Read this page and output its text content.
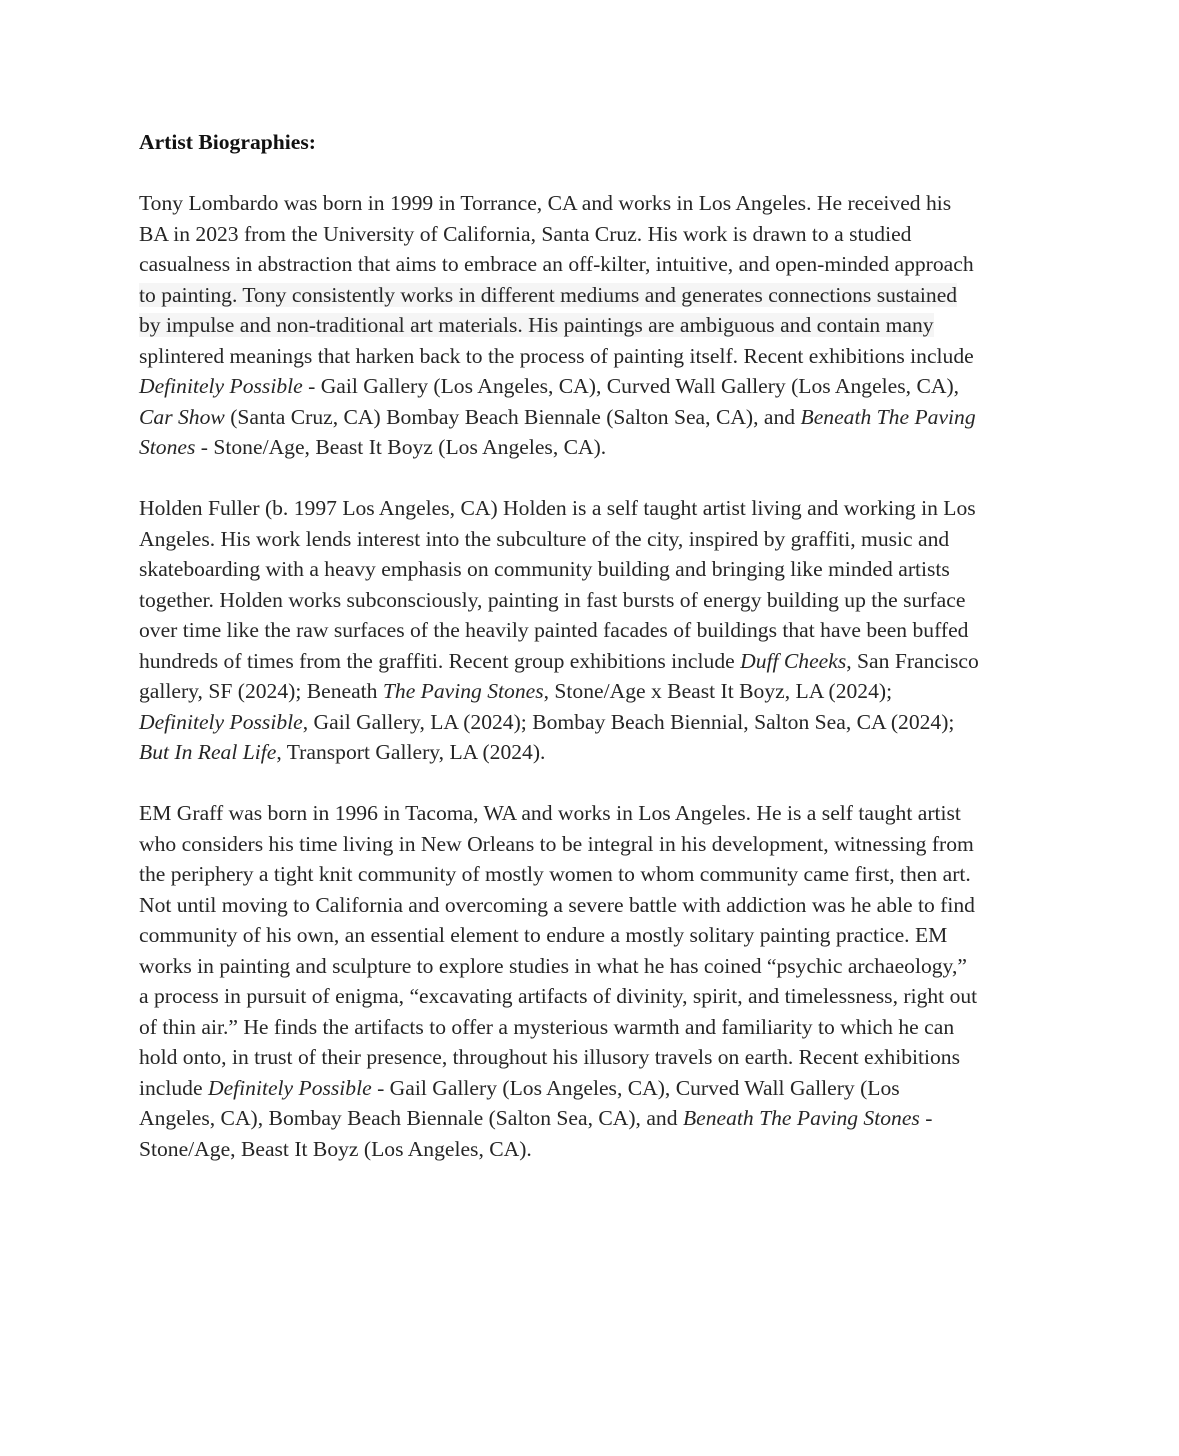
Artist Biographies:
Tony Lombardo was born in 1999 in Torrance, CA and works in Los Angeles. He received his
BA in 2023 from the University of California, Santa Cruz. His work is drawn to a studied
casualness in abstraction that aims to embrace an off-kilter, intuitive, and open-minded approach
to painting. Tony consistently works in different mediums and generates connections sustained
by impulse and non-traditional art materials. His paintings are ambiguous and contain many
splintered meanings that harken back to the process of painting itself. Recent exhibitions include
Definitely Possible - Gail Gallery (Los Angeles, CA), Curved Wall Gallery (Los Angeles, CA),
Car Show (Santa Cruz, CA) Bombay Beach Biennale (Salton Sea, CA), and Beneath The Paving
Stones - Stone/Age, Beast It Boyz (Los Angeles, CA).
Holden Fuller (b. 1997 Los Angeles, CA) Holden is a self taught artist living and working in Los
Angeles. His work lends interest into the subculture of the city, inspired by graffiti, music and
skateboarding with a heavy emphasis on community building and bringing like minded artists
together. Holden works subconsciously, painting in fast bursts of energy building up the surface
over time like the raw surfaces of the heavily painted facades of buildings that have been buffed
hundreds of times from the graffiti. Recent group exhibitions include Duff Cheeks, San Francisco
gallery, SF (2024); Beneath The Paving Stones, Stone/Age x Beast It Boyz, LA (2024);
Definitely Possible, Gail Gallery, LA (2024); Bombay Beach Biennial, Salton Sea, CA (2024);
But In Real Life, Transport Gallery, LA (2024).
EM Graff was born in 1996 in Tacoma, WA and works in Los Angeles. He is a self taught artist
who considers his time living in New Orleans to be integral in his development, witnessing from
the periphery a tight knit community of mostly women to whom community came first, then art.
Not until moving to California and overcoming a severe battle with addiction was he able to find
community of his own, an essential element to endure a mostly solitary painting practice. EM
works in painting and sculpture to explore studies in what he has coined “psychic archaeology,”
a process in pursuit of enigma, “excavating artifacts of divinity, spirit, and timelessness, right out
of thin air.” He finds the artifacts to offer a mysterious warmth and familiarity to which he can
hold onto, in trust of their presence, throughout his illusory travels on earth. Recent exhibitions
include Definitely Possible - Gail Gallery (Los Angeles, CA), Curved Wall Gallery (Los
Angeles, CA), Bombay Beach Biennale (Salton Sea, CA), and Beneath The Paving Stones -
Stone/Age, Beast It Boyz (Los Angeles, CA).
